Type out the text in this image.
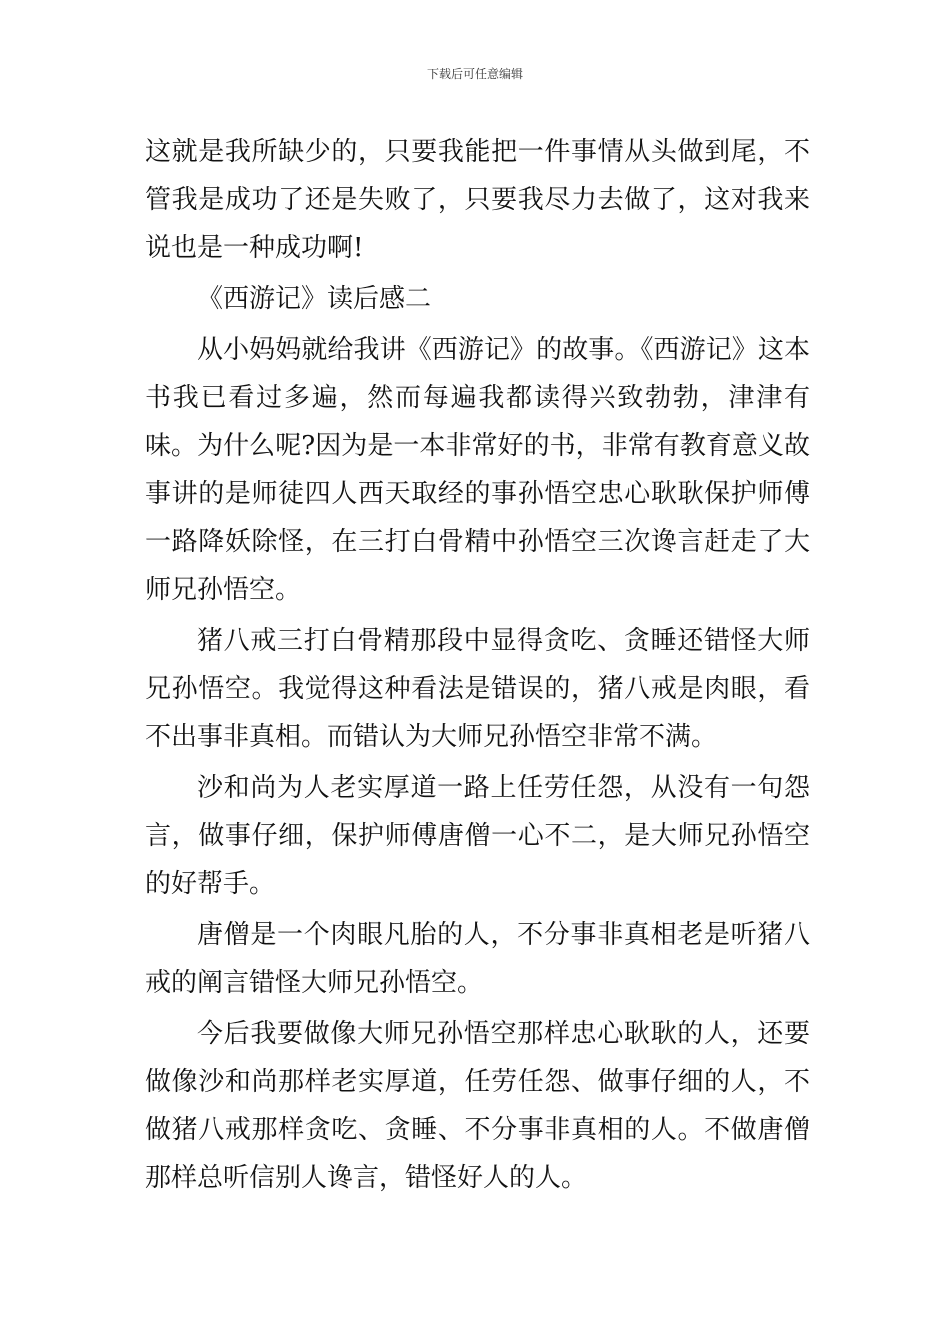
下载后可任意编辑

这就是我所缺少的，只要我能把一件事情从头做到尾，不管我是成功了还是失败了，只要我尽力去做了，这对我来说也是一种成功啊!

《西游记》读后感二

从小妈妈就给我讲《西游记》的故事。《西游记》这本书我已看过多遍，然而每遍我都读得兴致勃勃，津津有味。为什么呢?因为是一本非常好的书，非常有教育意义故事讲的是师徒四人西天取经的事孙悟空忠心耿耿保护师傅一路降妖除怪，在三打白骨精中孙悟空三次谗言赶走了大师兄孙悟空。

猪八戒三打白骨精那段中显得贪吃、贪睡还错怪大师兄孙悟空。我觉得这种看法是错误的，猪八戒是肉眼，看不出事非真相。而错认为大师兄孙悟空非常不满。

沙和尚为人老实厚道一路上任劳任怨，从没有一句怨言，做事仔细，保护师傅唐僧一心不二，是大师兄孙悟空的好帮手。

唐僧是一个肉眼凡胎的人，不分事非真相老是听猪八戒的阐言错怪大师兄孙悟空。

今后我要做像大师兄孙悟空那样忠心耿耿的人，还要做像沙和尚那样老实厚道，任劳任怨、做事仔细的人，不做猪八戒那样贪吃、贪睡、不分事非真相的人。不做唐僧那样总听信别人谗言，错怪好人的人。
